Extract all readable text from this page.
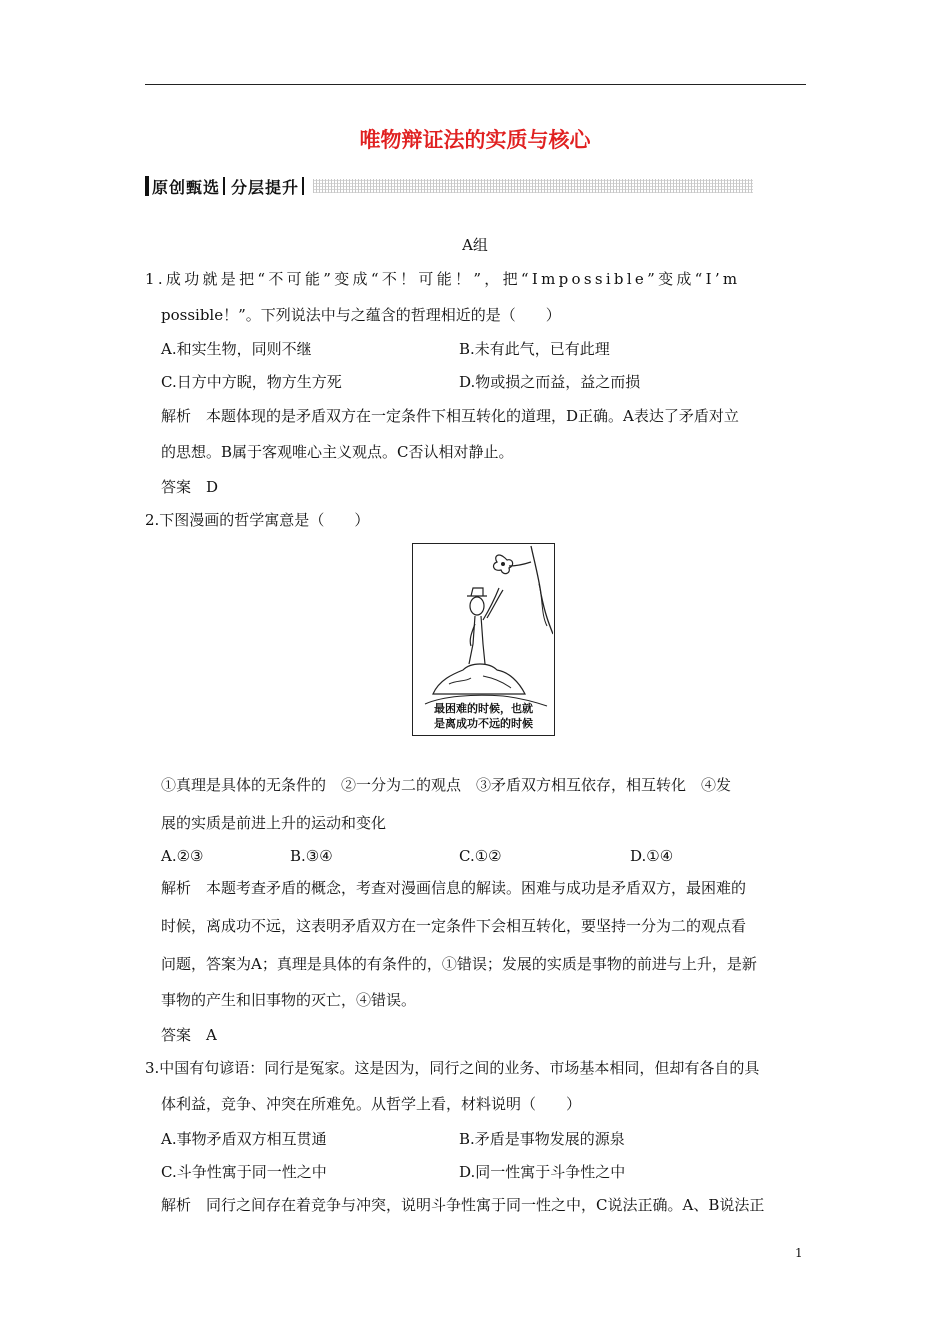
唯物辩证法的实质与核心
原创甄选 分层提升
A组
1.成功就是把“不可能”变成“不！可能！”，把“Impossible”变成“I’m
possible！”。下列说法中与之蕴含的哲理相近的是（　　）
A.和实生物，同则不继	B.未有此气，已有此理
C.日方中方睨，物方生方死	D.物或损之而益，益之而损
解析　本题体现的是矛盾双方在一定条件下相互转化的道理，D正确。A表达了矛盾对立
的思想。B属于客观唯心主义观点。C否认相对静止。
答案　D
2.下图漫画的哲学寓意是（　　）
最困难的时候，也就
是离成功不远的时候
①真理是具体的无条件的　②一分为二的观点　③矛盾双方相互依存，相互转化　④发
展的实质是前进上升的运动和变化
A.②③	B.③④	C.①②	D.①④
解析　本题考查矛盾的概念，考查对漫画信息的解读。困难与成功是矛盾双方，最困难的
时候，离成功不远，这表明矛盾双方在一定条件下会相互转化，要坚持一分为二的观点看
问题，答案为A；真理是具体的有条件的，①错误；发展的实质是事物的前进与上升，是新
事物的产生和旧事物的灭亡，④错误。
答案　A
3.中国有句谚语：同行是冤家。这是因为，同行之间的业务、市场基本相同，但却有各自的具
体利益，竞争、冲突在所难免。从哲学上看，材料说明（　　）
A.事物矛盾双方相互贯通	B.矛盾是事物发展的源泉
C.斗争性寓于同一性之中	D.同一性寓于斗争性之中
解析　同行之间存在着竞争与冲突，说明斗争性寓于同一性之中，C说法正确。A、B说法正
1
